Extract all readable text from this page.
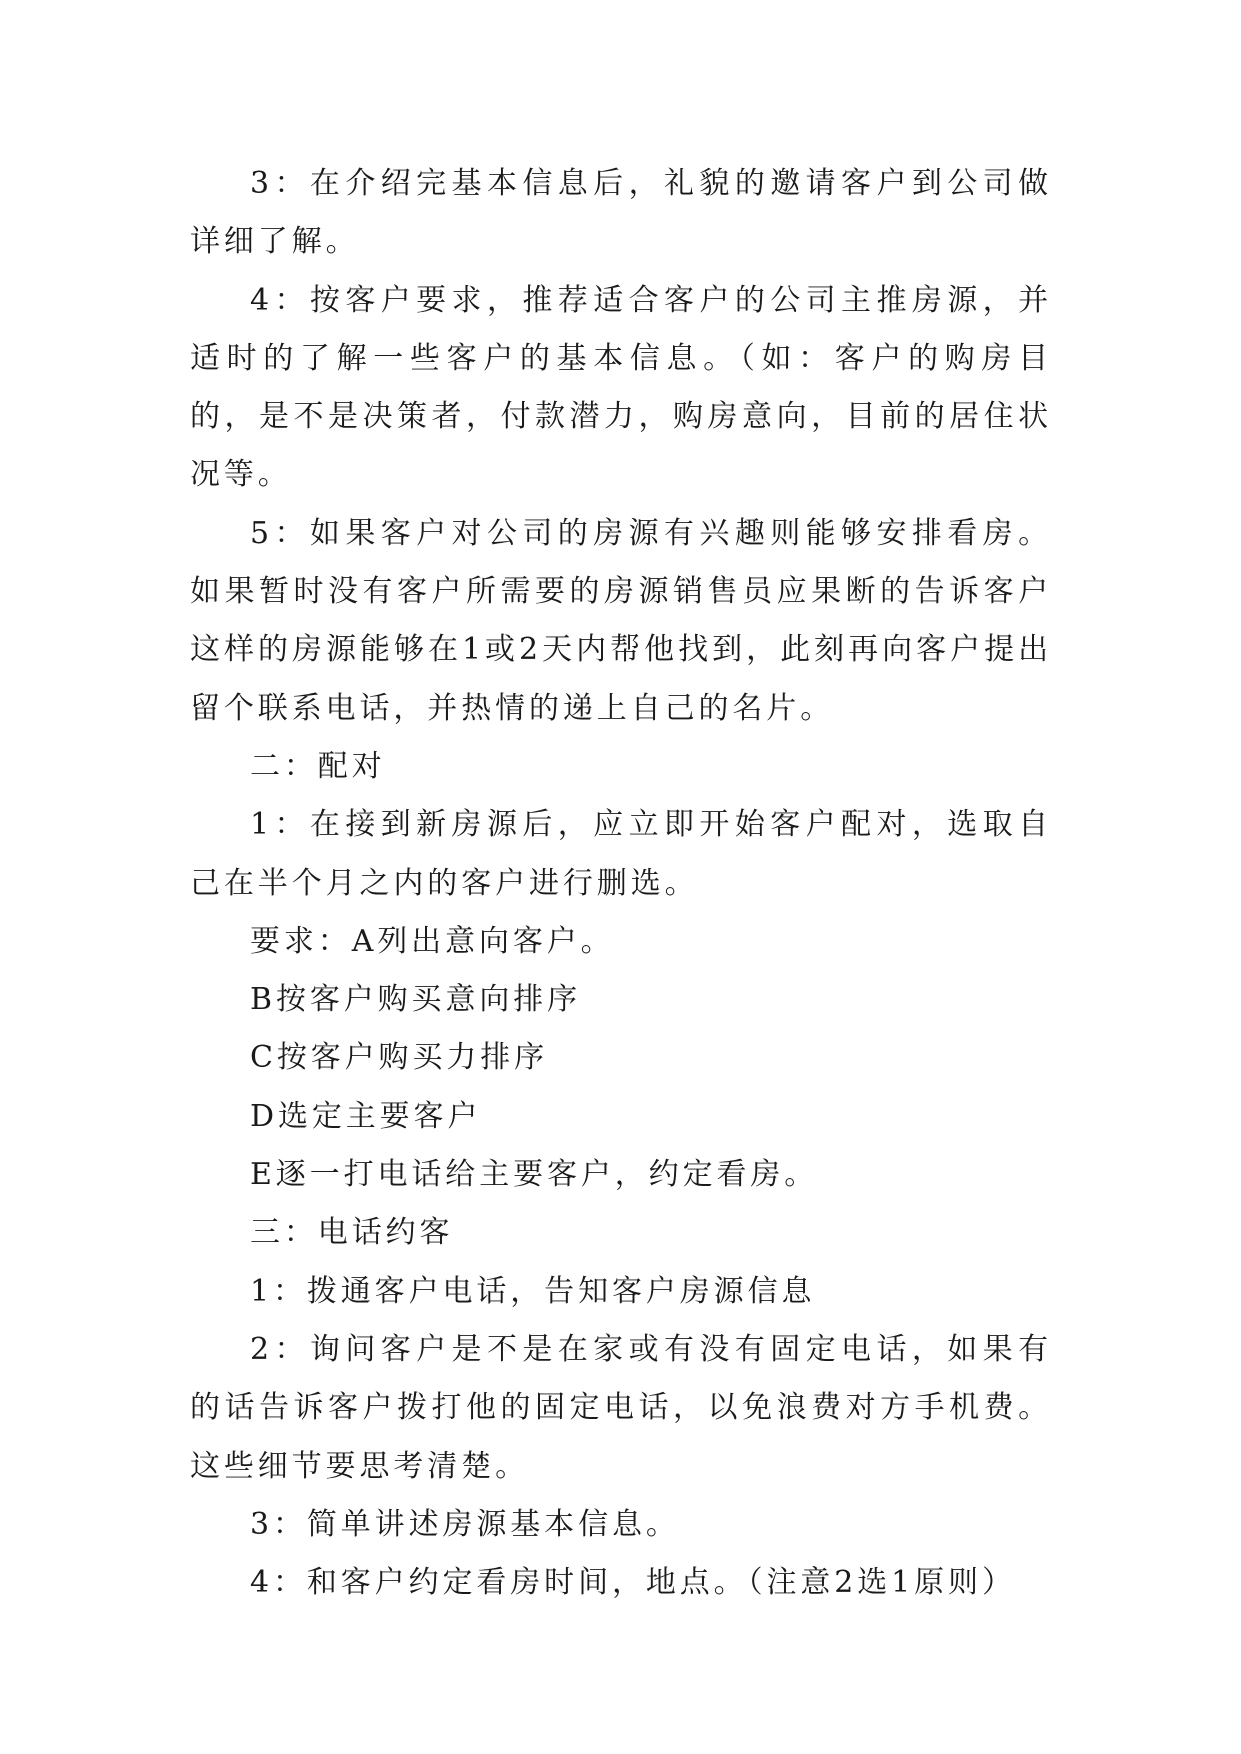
3：在介绍完基本信息后，礼貌的邀请客户到公司做详细了解。

4：按客户要求，推荐适合客户的公司主推房源，并适时的了解一些客户的基本信息。（如：客户的购房目的，是不是决策者，付款潜力，购房意向，目前的居住状况等。

5：如果客户对公司的房源有兴趣则能够安排看房。如果暂时没有客户所需要的房源销售员应果断的告诉客户这样的房源能够在1或2天内帮他找到，此刻再向客户提出留个联系电话，并热情的递上自己的名片。

二：配对

1：在接到新房源后，应立即开始客户配对，选取自己在半个月之内的客户进行删选。

要求：A列出意向客户。

B按客户购买意向排序

C按客户购买力排序

D选定主要客户

E逐一打电话给主要客户，约定看房。

三：电话约客

1：拨通客户电话，告知客户房源信息

2：询问客户是不是在家或有没有固定电话，如果有的话告诉客户拨打他的固定电话，以免浪费对方手机费。这些细节要思考清楚。

3：简单讲述房源基本信息。

4：和客户约定看房时间，地点。（注意2选1原则）
